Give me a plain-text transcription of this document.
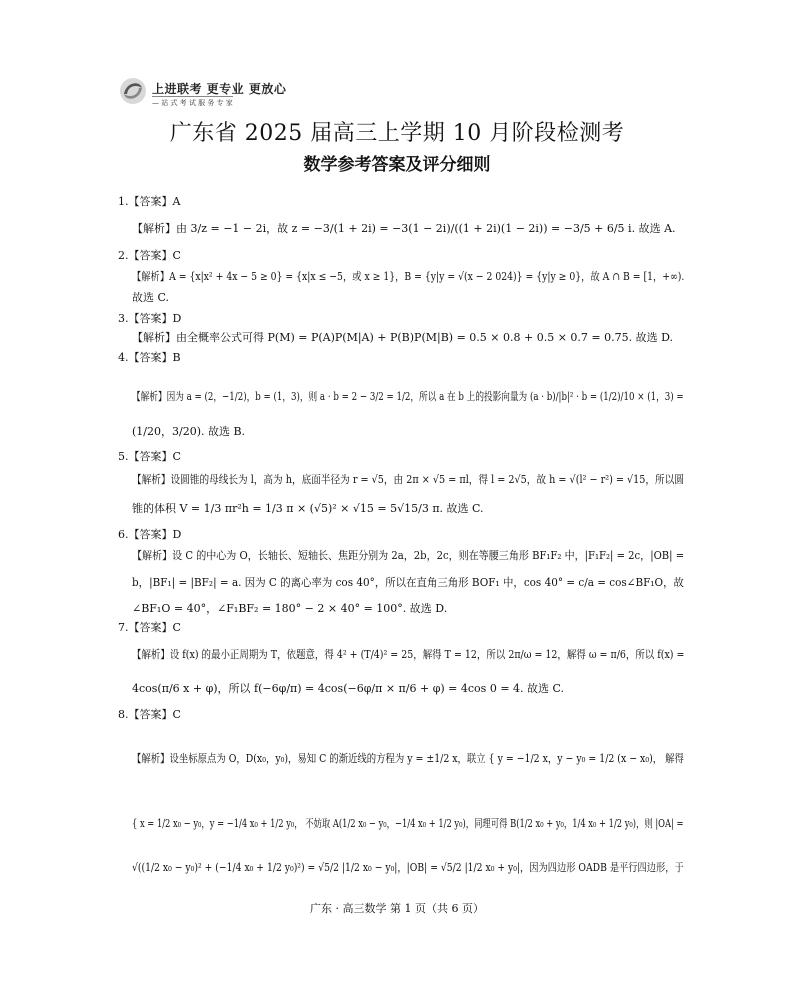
上进联考 更专业 更放心
— 站 式 考 试 服 务 专 家
广东省 2025 届高三上学期 10 月阶段检测考
数学参考答案及评分细则
1.【答案】A
【解析】由 3/z = −1 − 2i，故 z = −3/(1 + 2i) = −3(1 − 2i)/((1 + 2i)(1 − 2i)) = −3/5 + 6/5 i. 故选 A.
2.【答案】C
【解析】A = {x|x² + 4x − 5 ≥ 0} = {x|x ≤ −5，或 x ≥ 1}，B = {y|y = √(x − 2 024)} = {y|y ≥ 0}，故 A ∩ B = [1，+∞).
故选 C.
3.【答案】D
【解析】由全概率公式可得 P(M) = P(A)P(M|A) + P(B)P(M|B) = 0.5 × 0.8 + 0.5 × 0.7 = 0.75. 故选 D.
4.【答案】B
【解析】因为 a = (2，−1/2)，b = (1，3)，则 a · b = 2 − 3/2 = 1/2，所以 a 在 b 上的投影向量为 (a · b)/|b|² · b = (1/2)/10 × (1，3) =
(1/20，3/20). 故选 B.
5.【答案】C
【解析】设圆锥的母线长为 l，高为 h，底面半径为 r = √5，由 2π × √5 = πl，得 l = 2√5，故 h = √(l² − r²) = √15，所以圆
锥的体积 V = 1/3 πr²h = 1/3 π × (√5)² × √15 = 5√15/3 π. 故选 C.
6.【答案】D
【解析】设 C 的中心为 O，长轴长、短轴长、焦距分别为 2a，2b，2c，则在等腰三角形 BF₁F₂ 中，|F₁F₂| = 2c，|OB| =
b，|BF₁| = |BF₂| = a. 因为 C 的离心率为 cos 40°，所以在直角三角形 BOF₁ 中，cos 40° = c/a = cos∠BF₁O，故
∠BF₁O = 40°，∠F₁BF₂ = 180° − 2 × 40° = 100°. 故选 D.
7.【答案】C
【解析】设 f(x) 的最小正周期为 T，依题意，得 4² + (T/4)² = 25，解得 T = 12，所以 2π/ω = 12，解得 ω = π/6，所以 f(x) =
4cos(π/6 x + φ)，所以 f(−6φ/π) = 4cos(−6φ/π × π/6 + φ) = 4cos 0 = 4. 故选 C.
8.【答案】C
【解析】设坐标原点为 O，D(x₀，y₀)，易知 C 的渐近线的方程为 y = ±1/2 x，联立 { y = −1/2 x，y − y₀ = 1/2 (x − x₀)， 解得
{ x = 1/2 x₀ − y₀，y = −1/4 x₀ + 1/2 y₀， 不妨取 A(1/2 x₀ − y₀，−1/4 x₀ + 1/2 y₀)，同理可得 B(1/2 x₀ + y₀，1/4 x₀ + 1/2 y₀)，则 |OA| =
√((1/2 x₀ − y₀)² + (−1/4 x₀ + 1/2 y₀)²) = √5/2 |1/2 x₀ − y₀|，|OB| = √5/2 |1/2 x₀ + y₀|，因为四边形 OADB 是平行四边形，于
广东 · 高三数学 第 1 页（共 6 页）
